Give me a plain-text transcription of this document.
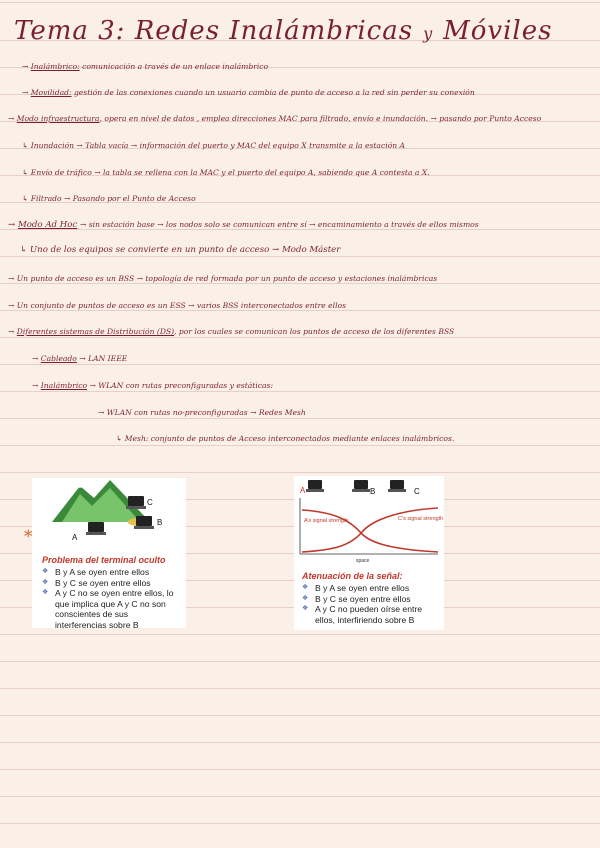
Tema 3: Redes Inalámbricas y Móviles
→ Inalámbrico: comunicación a través de un enlace inalámbrico
→ Movilidad: gestión de las conexiones cuando un usuario cambia de punto de acceso a la red sin perder su conexión
→ Modo infraestructura, opera en nivel de datos , emplea direcciones MAC para filtrado, envío e inundación. → pasando por Punto Acceso
↳ Inundación → Tabla vacía → información del puerto y MAC del equipo X transmite a la estación A
↳ Envío de tráfico → la tabla se rellena con la MAC y el puerto del equipo A, sabiendo que A contesta a X.
↳ Filtrado → Pasando por el Punto de Acceso
→ Modo Ad Hoc → sin estación base → los nodos solo se comunican entre sí → encaminamiento a través de ellos mismos
↳ Uno de los equipos se convierte en un punto de acceso → Modo Máster
→ Un punto de acceso es un BSS → topología de red formada por un punto de acceso y estaciones inalámbricas
→ Un conjunto de puntos de acceso es un ESS → varios BSS interconectados entre ellos
→ Diferentes sistemas de Distribución (DS), por los cuales se comunican los puntos de acceso de los diferentes BSS
→ Cableado → LAN IEEE
→ Inalámbrico → WLAN con rutas preconfiguradas y estáticas:
→ WLAN con rutas no-preconfiguradas → Redes Mesh
↳ Mesh: conjunto de puntos de Acceso interconectados mediante enlaces inalámbricos.
*
C
A
B
Problema del terminal oculto
❖ B y A se oyen entre ellos
❖ B y C se oyen entre ellos
❖ A y C no se oyen entre ellos, lo que implica que A y C no son conscientes de sus interferencias sobre B
A	B	C
A’s signal strength	C’s signal strength
space
Atenuación de la señal:
❖ B y A se oyen entre ellos
❖ B y C se oyen entre ellos
❖ A y C no pueden oírse entre ellos, interfiriendo sobre B
